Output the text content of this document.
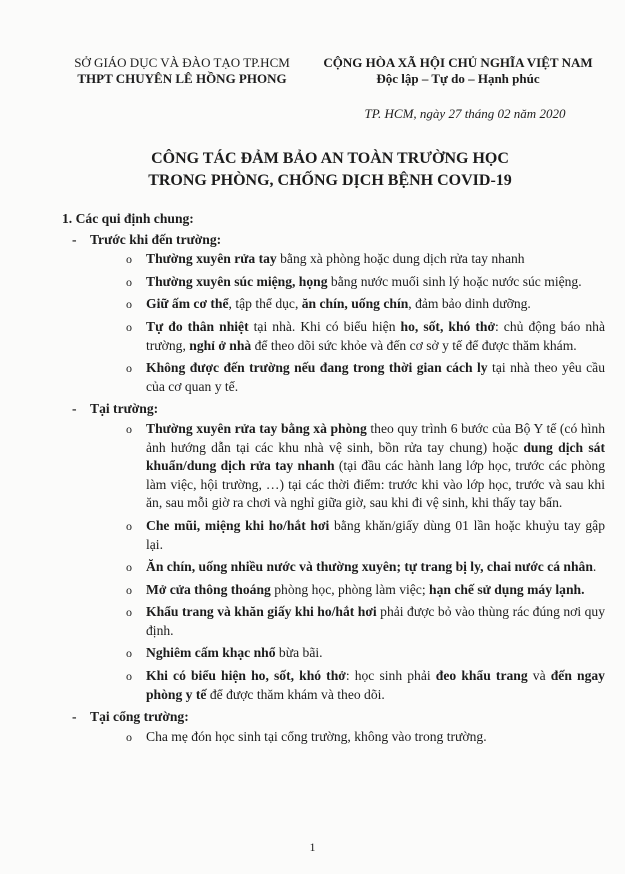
SỞ GIÁO DỤC VÀ ĐÀO TẠO TP.HCM
THPT CHUYÊN LÊ HỒNG PHONG
CỘNG HÒA XÃ HỘI CHỦ NGHĨA VIỆT NAM
Độc lập – Tự do – Hạnh phúc
TP. HCM, ngày 27 tháng 02 năm 2020
CÔNG TÁC ĐẢM BẢO AN TOÀN TRƯỜNG HỌC
TRONG PHÒNG, CHỐNG DỊCH BỆNH COVID-19
1. Các qui định chung:
- Trước khi đến trường:
o Thường xuyên rửa tay bằng xà phòng hoặc dung dịch rửa tay nhanh
o Thường xuyên súc miệng, họng bằng nước muối sinh lý hoặc nước súc miệng.
o Giữ ấm cơ thể, tập thể dục, ăn chín, uống chín, đảm bảo dinh dưỡng.
o Tự đo thân nhiệt tại nhà. Khi có biểu hiện ho, sốt, khó thở: chủ động báo nhà trường, nghỉ ở nhà để theo dõi sức khỏe và đến cơ sở y tế để được thăm khám.
o Không được đến trường nếu đang trong thời gian cách ly tại nhà theo yêu cầu của cơ quan y tế.
- Tại trường:
o Thường xuyên rửa tay bằng xà phòng theo quy trình 6 bước của Bộ Y tế (có hình ảnh hướng dẫn tại các khu nhà vệ sinh, bồn rửa tay chung) hoặc dung dịch sát khuẩn/dung dịch rửa tay nhanh (tại đầu các hành lang lớp học, trước các phòng làm việc, hội trường, …) tại các thời điểm: trước khi vào lớp học, trước và sau khi ăn, sau mỗi giờ ra chơi và nghỉ giữa giờ, sau khi đi vệ sinh, khi thấy tay bẩn.
o Che mũi, miệng khi ho/hắt hơi bằng khăn/giấy dùng 01 lần hoặc khuỷu tay gập lại.
o Ăn chín, uống nhiều nước và thường xuyên; tự trang bị ly, chai nước cá nhân.
o Mở cửa thông thoáng phòng học, phòng làm việc; hạn chế sử dụng máy lạnh.
o Khẩu trang và khăn giấy khi ho/hắt hơi phải được bỏ vào thùng rác đúng nơi quy định.
o Nghiêm cấm khạc nhổ bừa bãi.
o Khi có biểu hiện ho, sốt, khó thở: học sinh phải đeo khẩu trang và đến ngay phòng y tế để được thăm khám và theo dõi.
- Tại cổng trường:
o Cha mẹ đón học sinh tại cổng trường, không vào trong trường.
1
